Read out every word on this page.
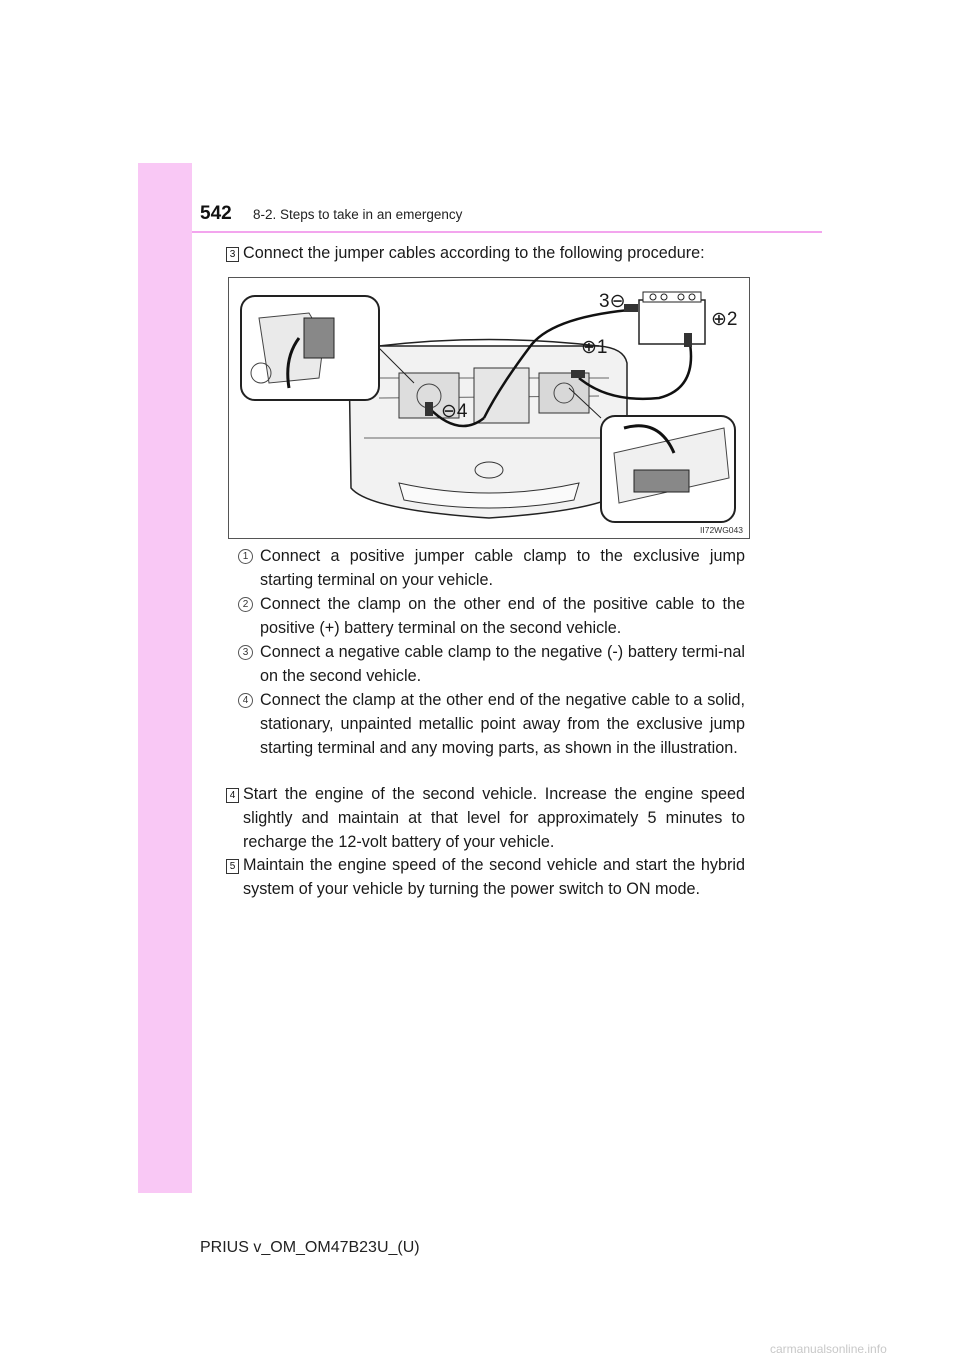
542 8-2. Steps to take in an emergency
3 Connect the jumper cables according to the following procedure:
II72WG043
3⊖
⊕2
⊕1
⊖4
1 Connect a positive jumper cable clamp to the exclusive jump starting terminal on your vehicle.
2 Connect the clamp on the other end of the positive cable to the positive (+) battery terminal on the second vehicle.
3 Connect a negative cable clamp to the negative (-) battery termi-nal on the second vehicle.
4 Connect the clamp at the other end of the negative cable to a solid, stationary, unpainted metallic point away from the exclusive jump starting terminal and any moving parts, as shown in the illustration.
4 Start the engine of the second vehicle. Increase the engine speed slightly and maintain at that level for approximately 5 minutes to recharge the 12-volt battery of your vehicle.
5 Maintain the engine speed of the second vehicle and start the hybrid system of your vehicle by turning the power switch to ON mode.
PRIUS v_OM_OM47B23U_(U)
carmanualsonline.info
